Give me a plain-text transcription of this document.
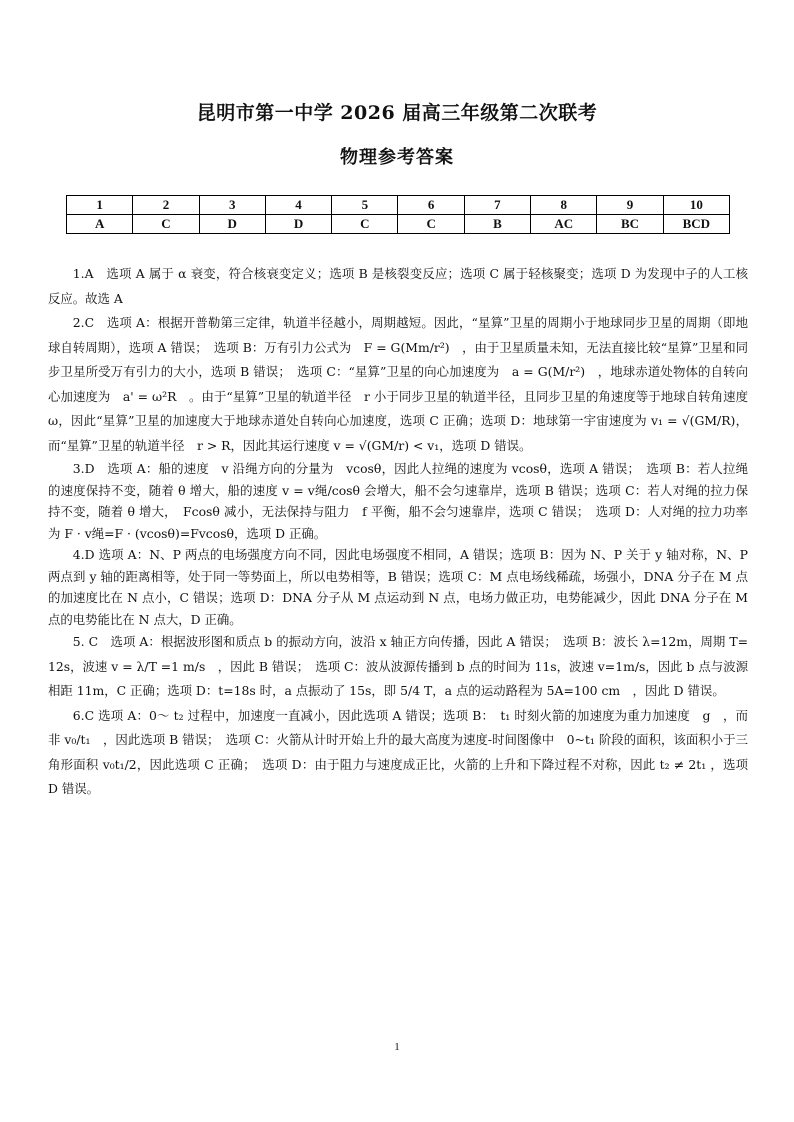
昆明市第一中学 2026 届高三年级第二次联考
物理参考答案
1	2	3	4	5	6	7	8	9	10
A	C	D	D	C	C	B	AC	BC	BCD

1.A　选项 A 属于 α 衰变，符合核衰变定义；选项 B 是核裂变反应；选项 C 属于轻核聚变；选项 D 为发现中子的人工核反应。故选 A

2.C　选项 A：根据开普勒第三定律，轨道半径越小，周期越短。因此，“星算”卫星的周期小于地球同步卫星的周期（即地球自转周期），选项 A 错误；　选项 B：万有引力公式为　F = G(Mm/r²)　，由于卫星质量未知，无法直接比较“星算”卫星和同步卫星所受万有引力的大小，选项 B 错误；　选项 C：“星算”卫星的向心加速度为　a = G(M/r²)　，地球赤道处物体的自转向心加速度为　a' = ω²R　。由于“星算”卫星的轨道半径　r 小于同步卫星的轨道半径，且同步卫星的角速度等于地球自转角速度　ω，因此“星算”卫星的加速度大于地球赤道处自转向心加速度，选项 C 正确；选项 D：地球第一宇宙速度为 v₁ = √(GM/R)，而“星算”卫星的轨道半径　r > R，因此其运行速度 v = √(GM/r) < v₁，选项 D 错误。

3.D　选项 A：船的速度　v 沿绳方向的分量为　vcosθ，因此人拉绳的速度为 vcosθ，选项 A 错误；　选项 B：若人拉绳的速度保持不变，随着 θ 增大，船的速度 v = v绳/cosθ 会增大，船不会匀速靠岸，选项 B 错误；选项 C：若人对绳的拉力保持不变，随着 θ 增大，　Fcosθ 减小，无法保持与阻力　f 平衡，船不会匀速靠岸，选项 C 错误；　选项 D：人对绳的拉力功率为 F · v绳=F · (vcosθ)=Fvcosθ，选项 D 正确。

4.D 选项 A：N、P 两点的电场强度方向不同，因此电场强度不相同，A 错误；选项 B：因为 N、P 关于 y 轴对称，N、P 两点到 y 轴的距离相等，处于同一等势面上，所以电势相等，B 错误；选项 C：M 点电场线稀疏，场强小，DNA 分子在 M 点的加速度比在 N 点小，C 错误；选项 D：DNA 分子从 M 点运动到 N 点，电场力做正功，电势能减少，因此 DNA 分子在 M 点的电势能比在 N 点大，D 正确。

5. C　选项 A：根据波形图和质点 b 的振动方向，波沿 x 轴正方向传播，因此 A 错误；　选项 B：波长 λ=12m，周期 T=12s，波速 v = λ/T =1 m/s　，因此 B 错误；　选项 C：波从波源传播到 b 点的时间为 11s，波速 v=1m/s，因此 b 点与波源相距 11m，C 正确；选项 D：t=18s 时，a 点振动了 15s，即 5/4 T，a 点的运动路程为 5A=100 cm　，因此 D 错误。

6.C 选项 A：0～ t₂ 过程中，加速度一直减小，因此选项 A 错误；选项 B：　t₁ 时刻火箭的加速度为重力加速度　g　，而非 v₀/t₁　，因此选项 B 错误；　选项 C：火箭从计时开始上升的最大高度为速度-时间图像中　0~t₁ 阶段的面积，该面积小于三角形面积 v₀t₁/2，因此选项 C 正确；　选项 D：由于阻力与速度成正比，火箭的上升和下降过程不对称，因此 t₂ ≠ 2t₁ ，选项 D 错误。

1
